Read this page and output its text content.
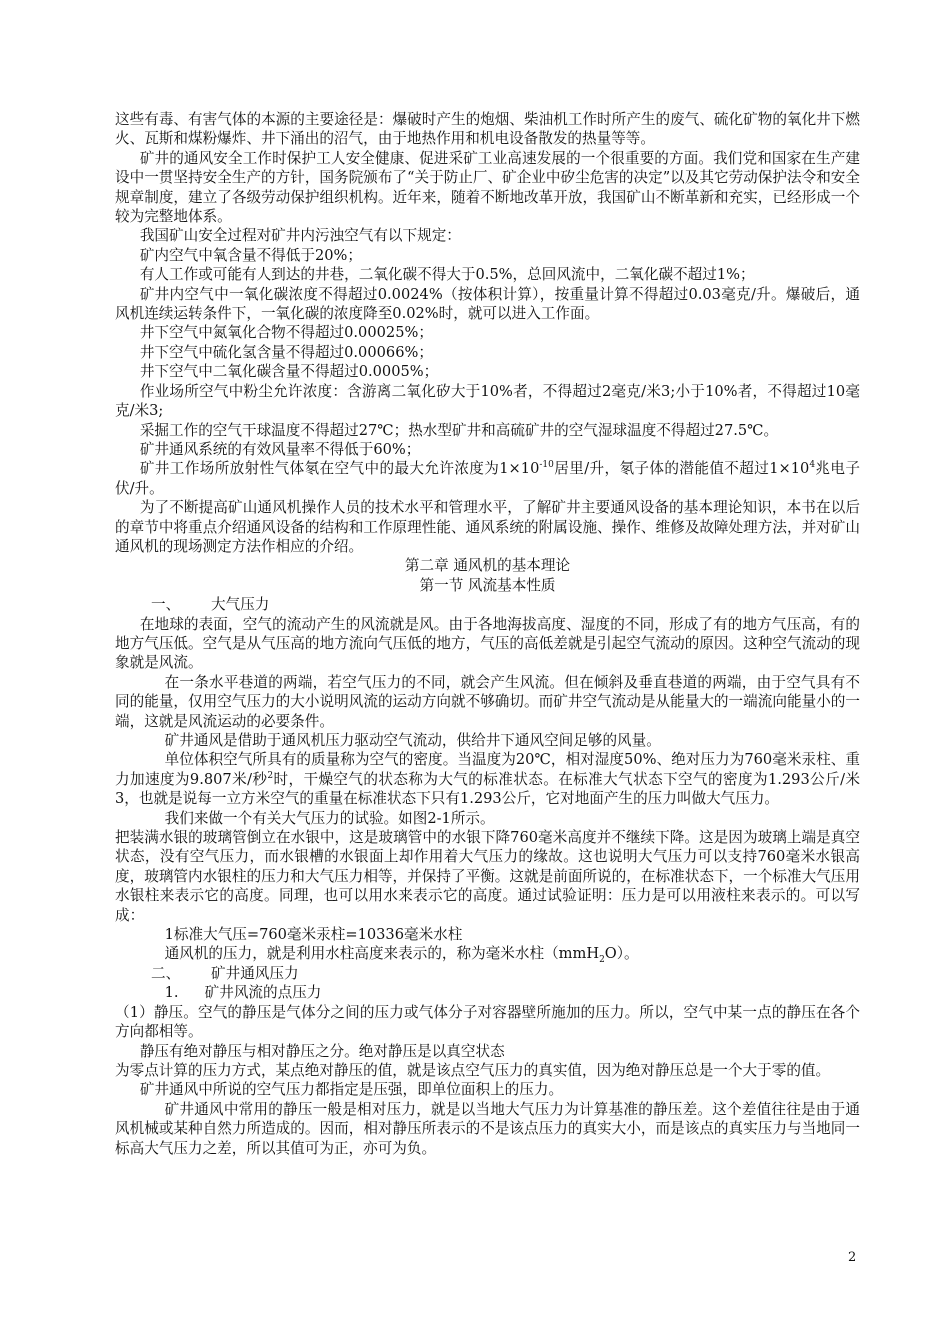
这些有毒、有害气体的本源的主要途径是：爆破时产生的炮烟、柴油机工作时所产生的废气、硫化矿物的氧化井下燃火、瓦斯和煤粉爆炸、井下涌出的沼气，由于地热作用和机电设备散发的热量等等。

矿井的通风安全工作时保护工人安全健康、促进采矿工业高速发展的一个很重要的方面。我们党和国家在生产建设中一贯坚持安全生产的方针，国务院颁布了“关于防止厂、矿企业中矽尘危害的决定”以及其它劳动保护法令和安全规章制度，建立了各级劳动保护组织机构。近年来，随着不断地改革开放，我国矿山不断革新和充实，已经形成一个较为完整地体系。

我国矿山安全过程对矿井内污浊空气有以下规定：

矿内空气中氧含量不得低于20%；

有人工作或可能有人到达的井巷，二氧化碳不得大于0.5%，总回风流中，二氧化碳不超过1%；

矿井内空气中一氧化碳浓度不得超过0.0024%（按体积计算），按重量计算不得超过0.03毫克/升。爆破后，通风机连续运转条件下，一氧化碳的浓度降至0.02%时，就可以进入工作面。

井下空气中氮氧化合物不得超过0.00025%；

井下空气中硫化氢含量不得超过0.00066%；

井下空气中二氧化碳含量不得超过0.0005%；

作业场所空气中粉尘允许浓度：含游离二氧化矽大于10%者，不得超过2毫克/米3;小于10%者，不得超过10毫克/米3;

采掘工作的空气干球温度不得超过27℃；热水型矿井和高硫矿井的空气湿球温度不得超过27.5℃。

矿井通风系统的有效风量率不得低于60%；

矿井工作场所放射性气体氡在空气中的最大允许浓度为$1\times 10^{-10}$居里/升，氡子体的潜能值不超过$1\times 10^4$兆电子伏/升。

为了不断提高矿山通风机操作人员的技术水平和管理水平，了解矿井主要通风设备的基本理论知识，本书在以后的章节中将重点介绍通风设备的结构和工作原理性能、通风系统的附属设施、操作、维修及故障处理方法，并对矿山通风机的现场测定方法作相应的介绍。

第二章 通风机的基本理论

第一节 风流基本性质

一、 大气压力

在地球的表面，空气的流动产生的风流就是风。由于各地海拔高度、湿度的不同，形成了有的地方气压高，有的地方气压低。空气是从气压高的地方流向气压低的地方，气压的高低差就是引起空气流动的原因。这种空气流动的现象就是风流。

在一条水平巷道的两端，若空气压力的不同，就会产生风流。但在倾斜及垂直巷道的两端，由于空气具有不同的能量，仅用空气压力的大小说明风流的运动方向就不够确切。而矿井空气流动是从能量大的一端流向能量小的一端，这就是风流运动的必要条件。

矿井通风是借助于通风机压力驱动空气流动，供给井下通风空间足够的风量。

单位体积空气所具有的质量称为空气的密度。当温度为20℃，相对湿度50%、绝对压力为760毫米汞柱、重力加速度为9.807米/秒$^2$时，干燥空气的状态称为大气的标准状态。在标准大气状态下空气的密度为1.293公斤/米3，也就是说每一立方米空气的重量在标准状态下只有1.293公斤，它对地面产生的压力叫做大气压力。

我们来做一个有关大气压力的试验。如图2-1所示。

把装满水银的玻璃管倒立在水银中，这是玻璃管中的水银下降760毫米高度并不继续下降。这是因为玻璃上端是真空状态，没有空气压力，而水银槽的水银面上却作用着大气压力的缘故。这也说明大气压力可以支持760毫米水银高度，玻璃管内水银柱的压力和大气压力相等，并保持了平衡。这就是前面所说的，在标准状态下，一个标准大气压用水银柱来表示它的高度。同理，也可以用水来表示它的高度。通过试验证明：压力是可以用液柱来表示的。可以写成：

1标准大气压=760毫米汞柱=10336毫米水柱

通风机的压力，就是利用水柱高度来表示的，称为毫米水柱（mmH$_2$O）。

二、 矿井通风压力

1. 矿井风流的点压力

（1）静压。空气的静压是气体分之间的压力或气体分子对容器壁所施加的压力。所以，空气中某一点的静压在各个方向都相等。

静压有绝对静压与相对静压之分。绝对静压是以真空状态

为零点计算的压力方式，某点绝对静压的值，就是该点空气压力的真实值，因为绝对静压总是一个大于零的值。

矿井通风中所说的空气压力都指定是压强，即单位面积上的压力。

矿井通风中常用的静压一般是相对压力，就是以当地大气压力为计算基准的静压差。这个差值往往是由于通风机械或某种自然力所造成的。因而，相对静压所表示的不是该点压力的真实大小，而是该点的真实压力与当地同一标高大气压力之差，所以其值可为正，亦可为负。

2
